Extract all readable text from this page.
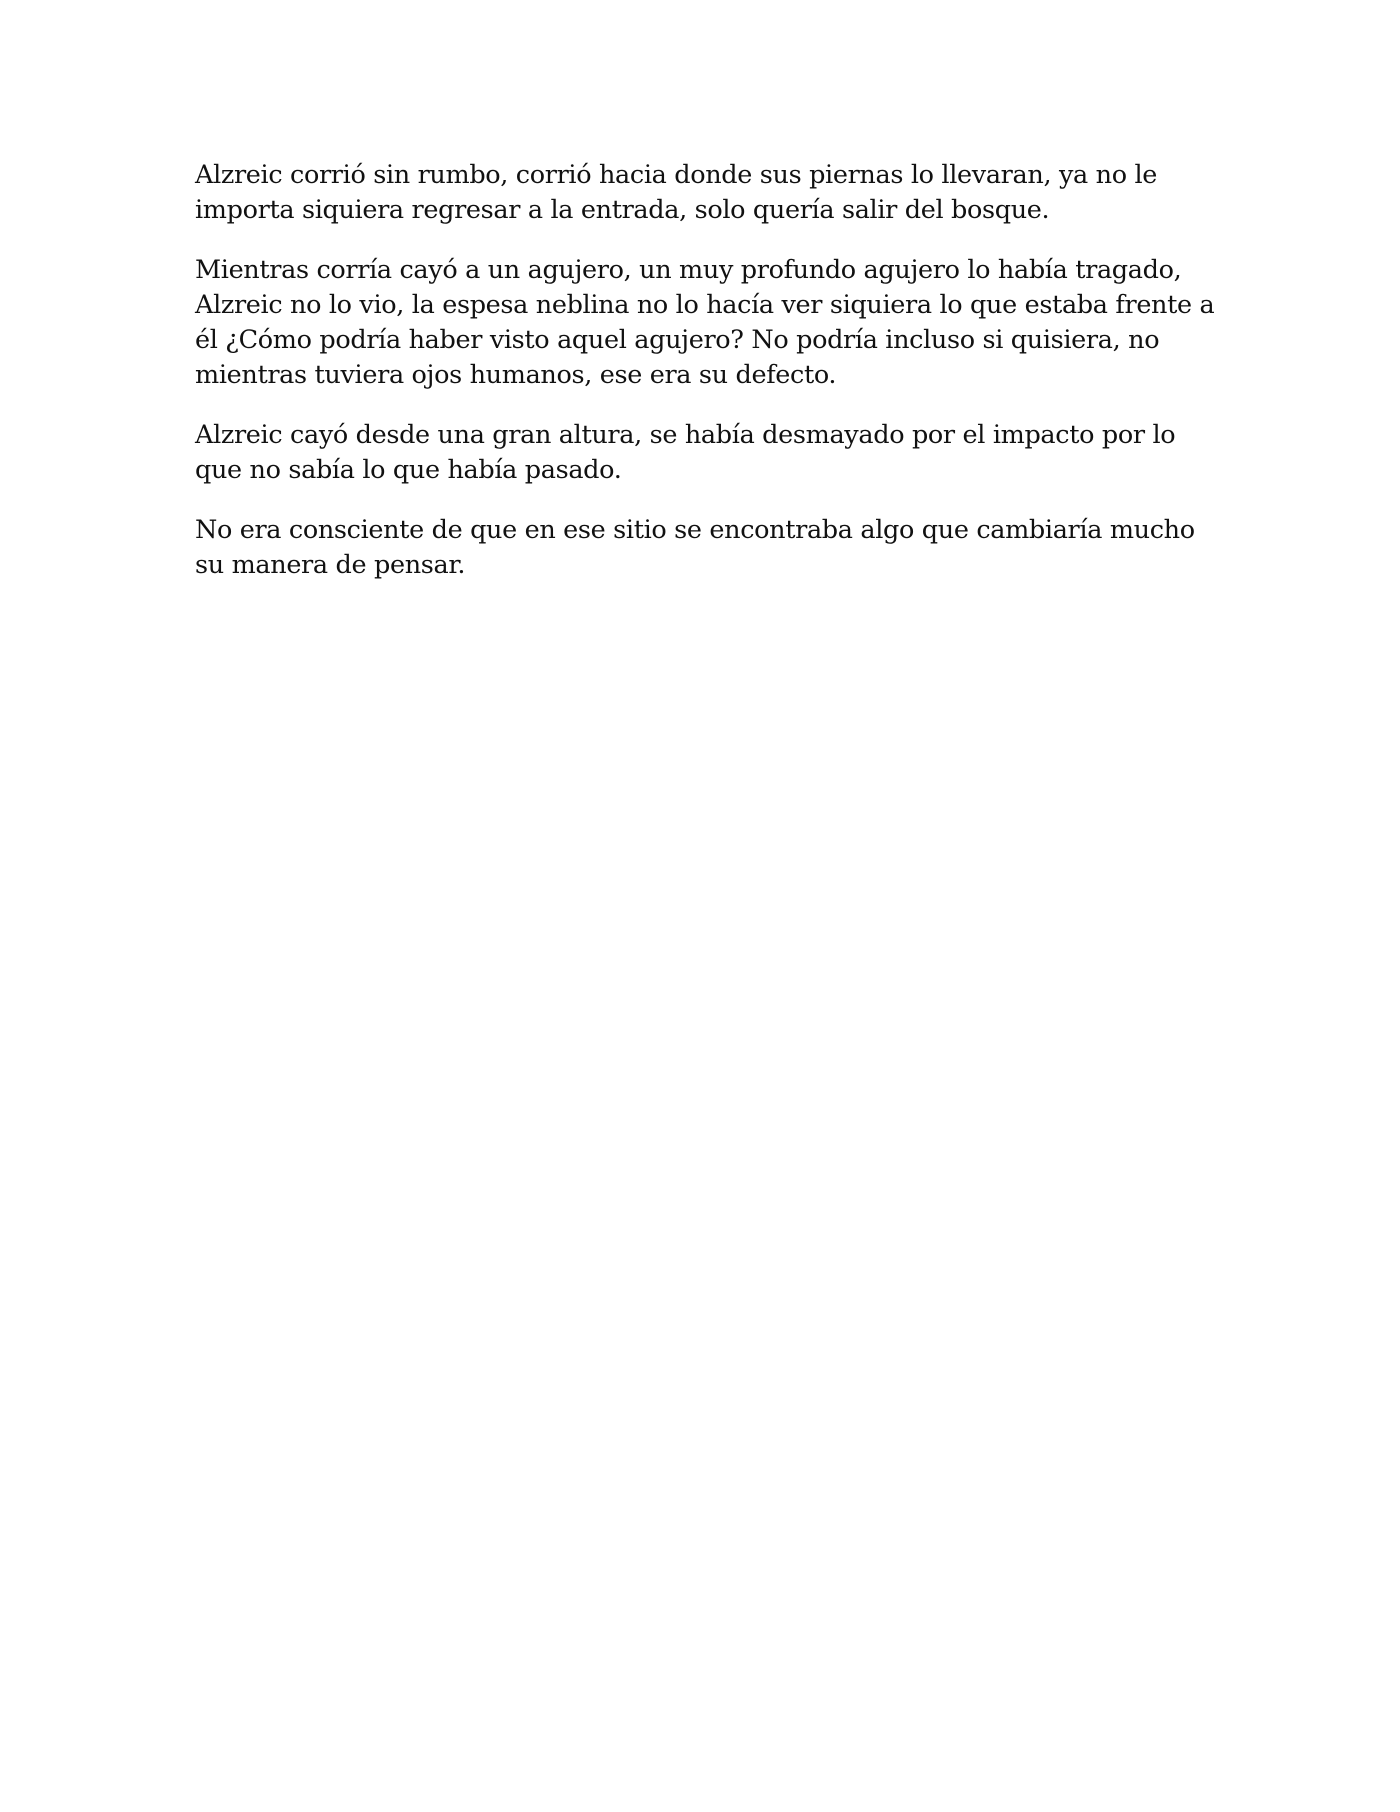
Alzreic corrió sin rumbo, corrió hacia donde sus piernas lo llevaran, ya no le importa siquiera regresar a la entrada, solo quería salir del bosque.

Mientras corría cayó a un agujero, un muy profundo agujero lo había tragado, Alzreic no lo vio, la espesa neblina no lo hacía ver siquiera lo que estaba frente a él ¿Cómo podría haber visto aquel agujero? No podría incluso si quisiera, no mientras tuviera ojos humanos, ese era su defecto.

Alzreic cayó desde una gran altura, se había desmayado por el impacto por lo que no sabía lo que había pasado.

No era consciente de que en ese sitio se encontraba algo que cambiaría mucho su manera de pensar.
